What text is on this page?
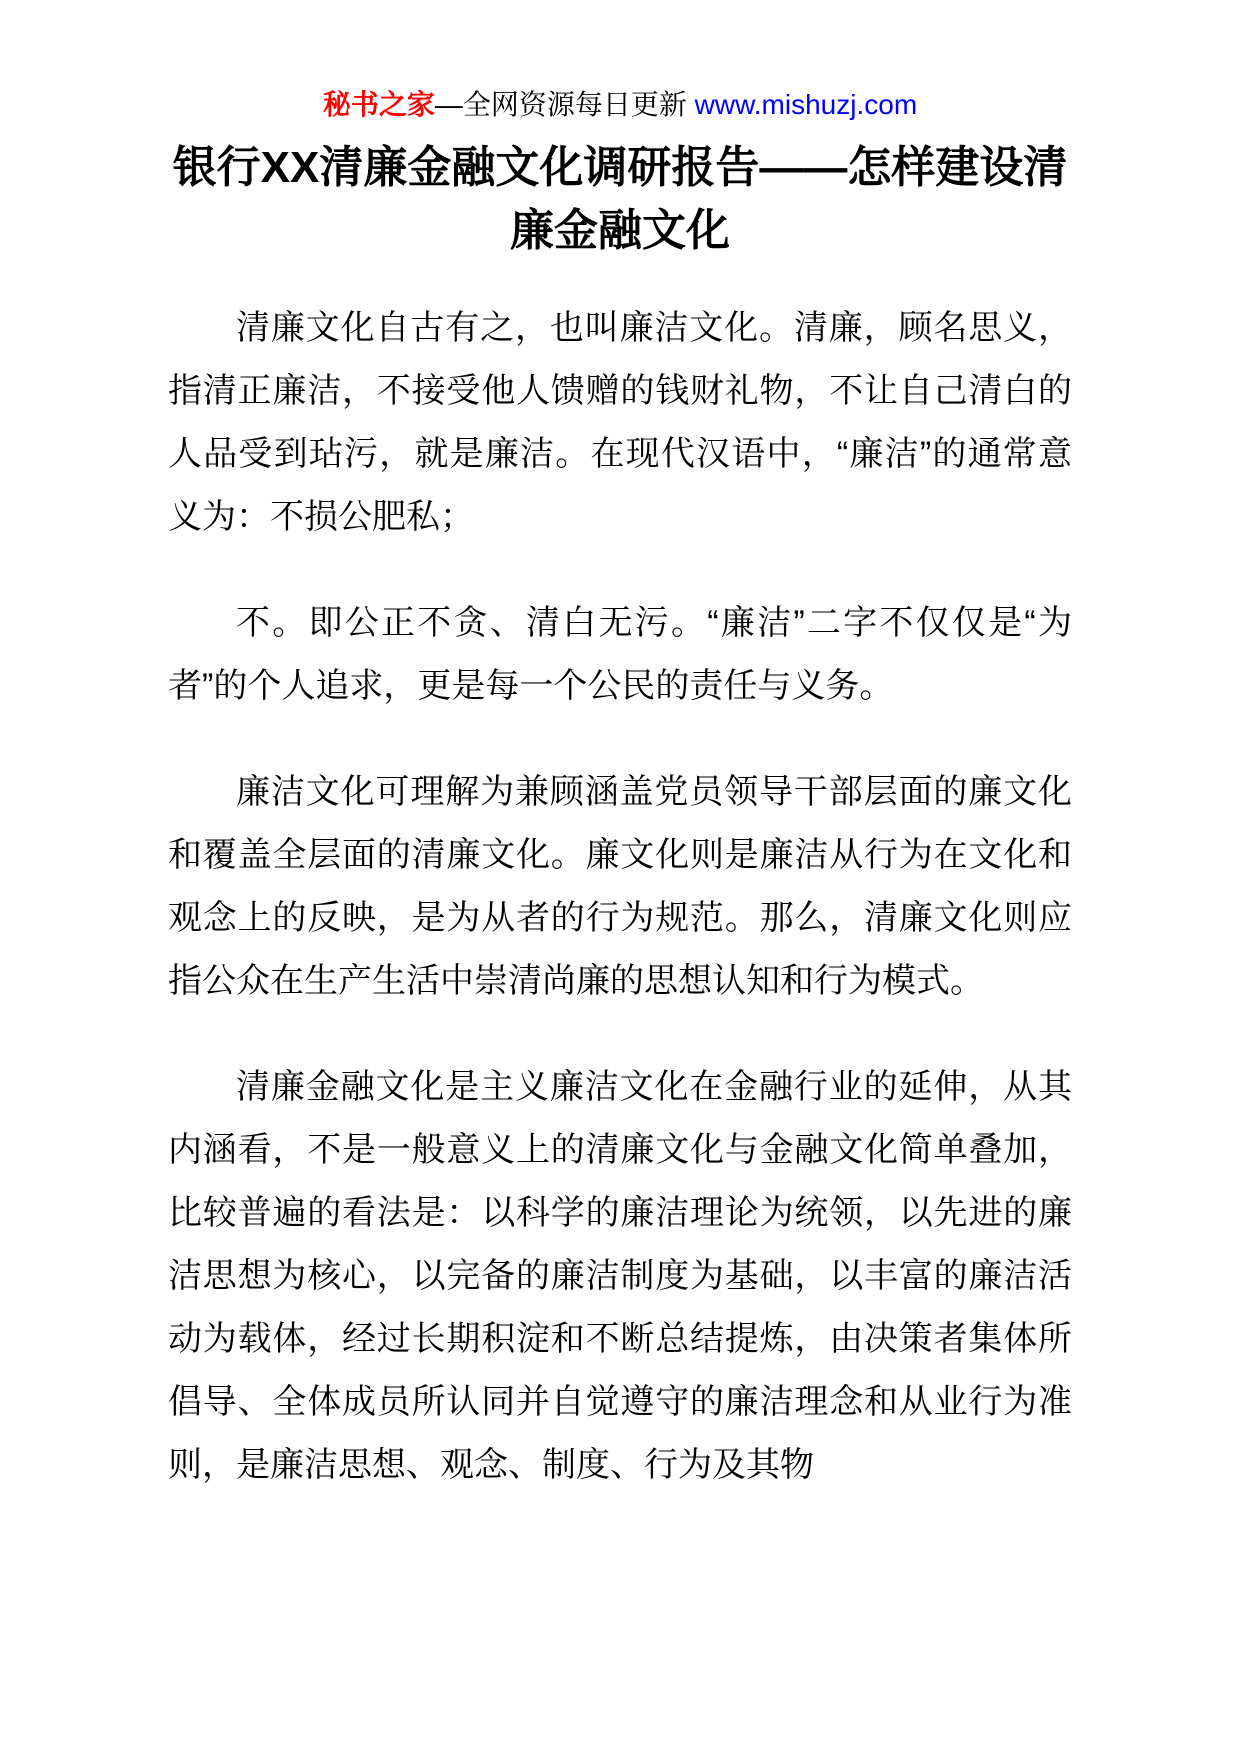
秘书之家—全网资源每日更新 www.mishuzj.com
银行XX清廉金融文化调研报告——怎样建设清廉金融文化

清廉文化自古有之，也叫廉洁文化。清廉，顾名思义，指清正廉洁，不接受他人馈赠的钱财礼物，不让自己清白的人品受到玷污，就是廉洁。在现代汉语中，“廉洁”的通常意义为：不损公肥私；

不。即公正不贪、清白无污。“廉洁”二字不仅仅是“为者”的个人追求，更是每一个公民的责任与义务。

廉洁文化可理解为兼顾涵盖党员领导干部层面的廉文化和覆盖全层面的清廉文化。廉文化则是廉洁从行为在文化和观念上的反映，是为从者的行为规范。那么，清廉文化则应指公众在生产生活中崇清尚廉的思想认知和行为模式。

清廉金融文化是主义廉洁文化在金融行业的延伸，从其内涵看，不是一般意义上的清廉文化与金融文化简单叠加，比较普遍的看法是：以科学的廉洁理论为统领，以先进的廉洁思想为核心，以完备的廉洁制度为基础，以丰富的廉洁活动为载体，经过长期积淀和不断总结提炼，由决策者集体所倡导、全体成员所认同并自觉遵守的廉洁理念和从业行为准则，是廉洁思想、观念、制度、行为及其物
